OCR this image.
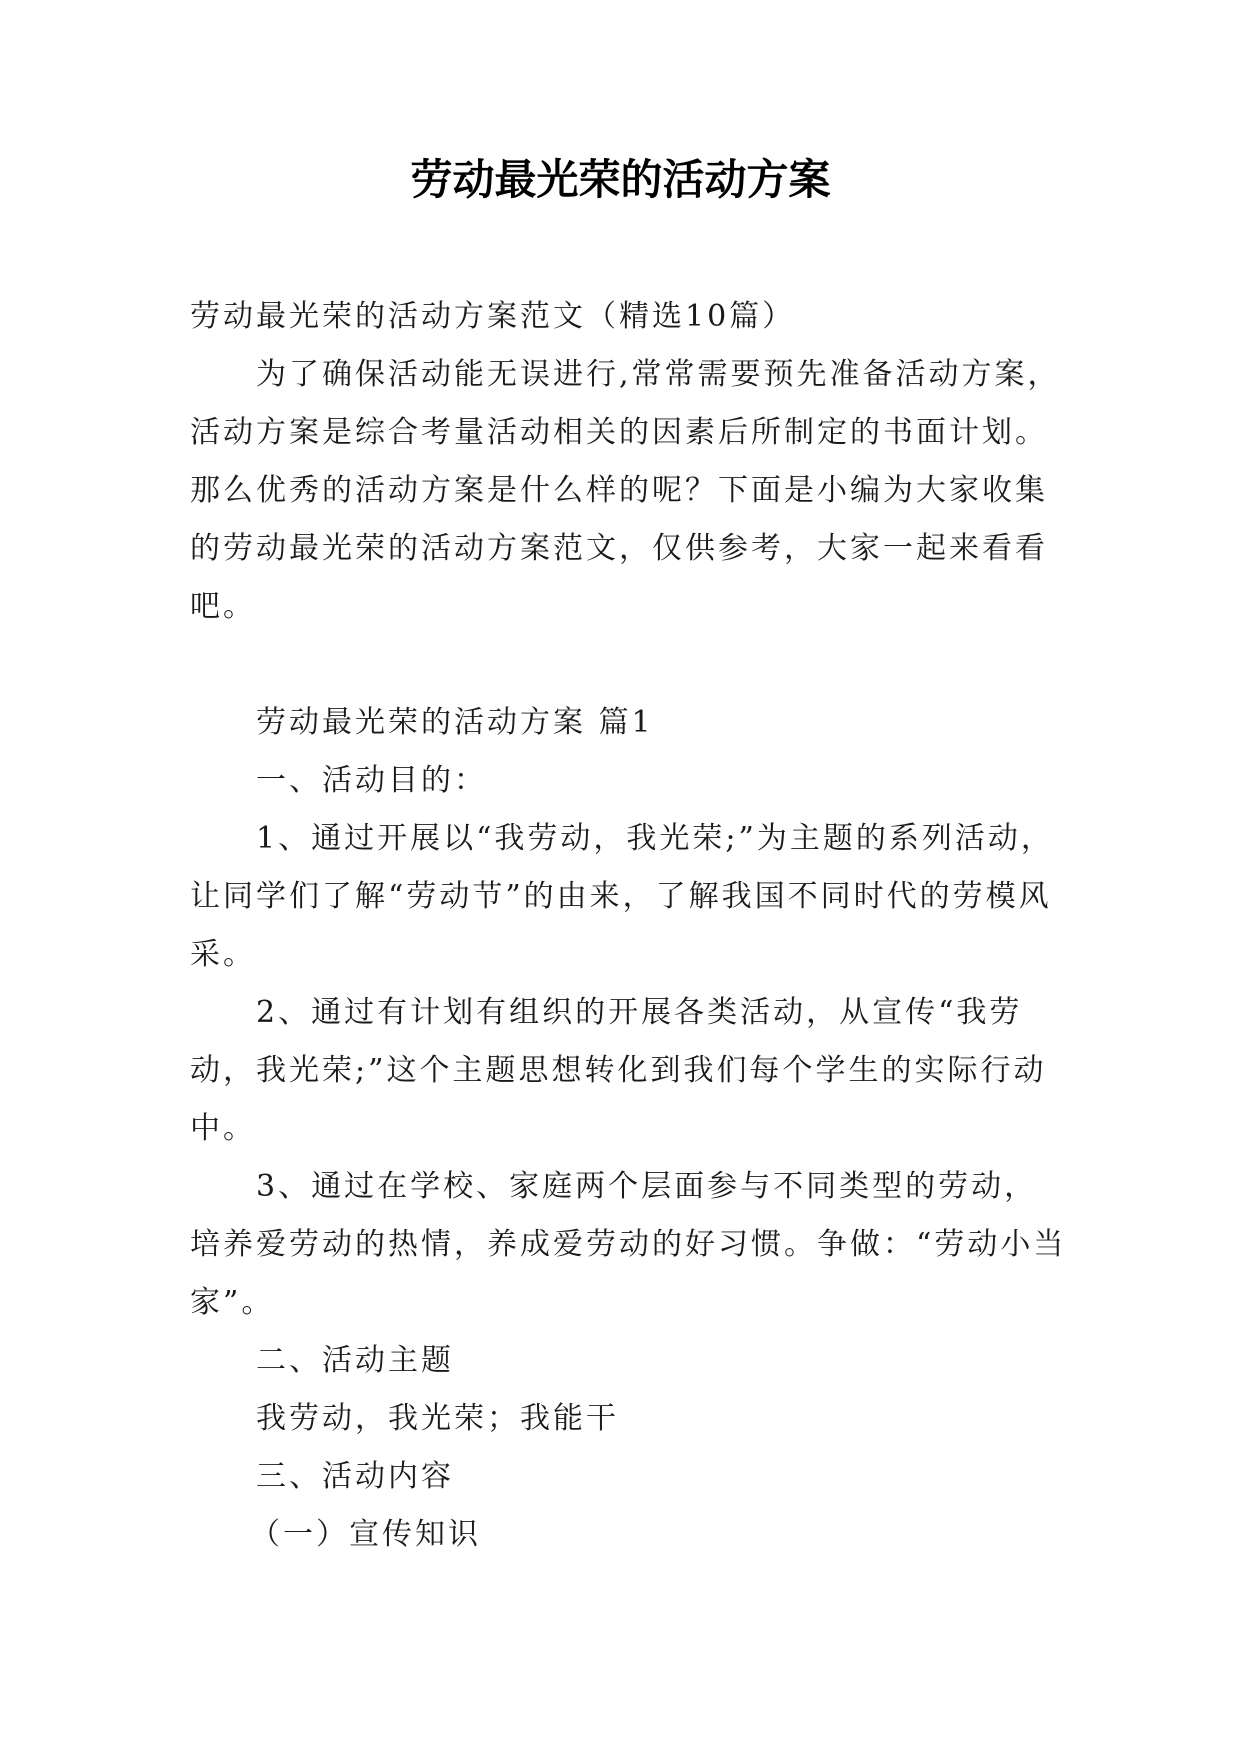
劳动最光荣的活动方案

劳动最光荣的活动方案范文（精选10篇）

为了确保活动能无误进行,常常需要预先准备活动方案，活动方案是综合考量活动相关的因素后所制定的书面计划。那么优秀的活动方案是什么样的呢？下面是小编为大家收集的劳动最光荣的活动方案范文，仅供参考，大家一起来看看吧。

劳动最光荣的活动方案 篇1

一、活动目的：

1、通过开展以“我劳动，我光荣;”为主题的系列活动，让同学们了解“劳动节”的由来，了解我国不同时代的劳模风采。

2、通过有计划有组织的开展各类活动，从宣传“我劳动，我光荣;”这个主题思想转化到我们每个学生的实际行动中。

3、通过在学校、家庭两个层面参与不同类型的劳动，培养爱劳动的热情，养成爱劳动的好习惯。争做：“劳动小当家”。

二、活动主题

我劳动，我光荣；我能干

三、活动内容

（一）宣传知识
